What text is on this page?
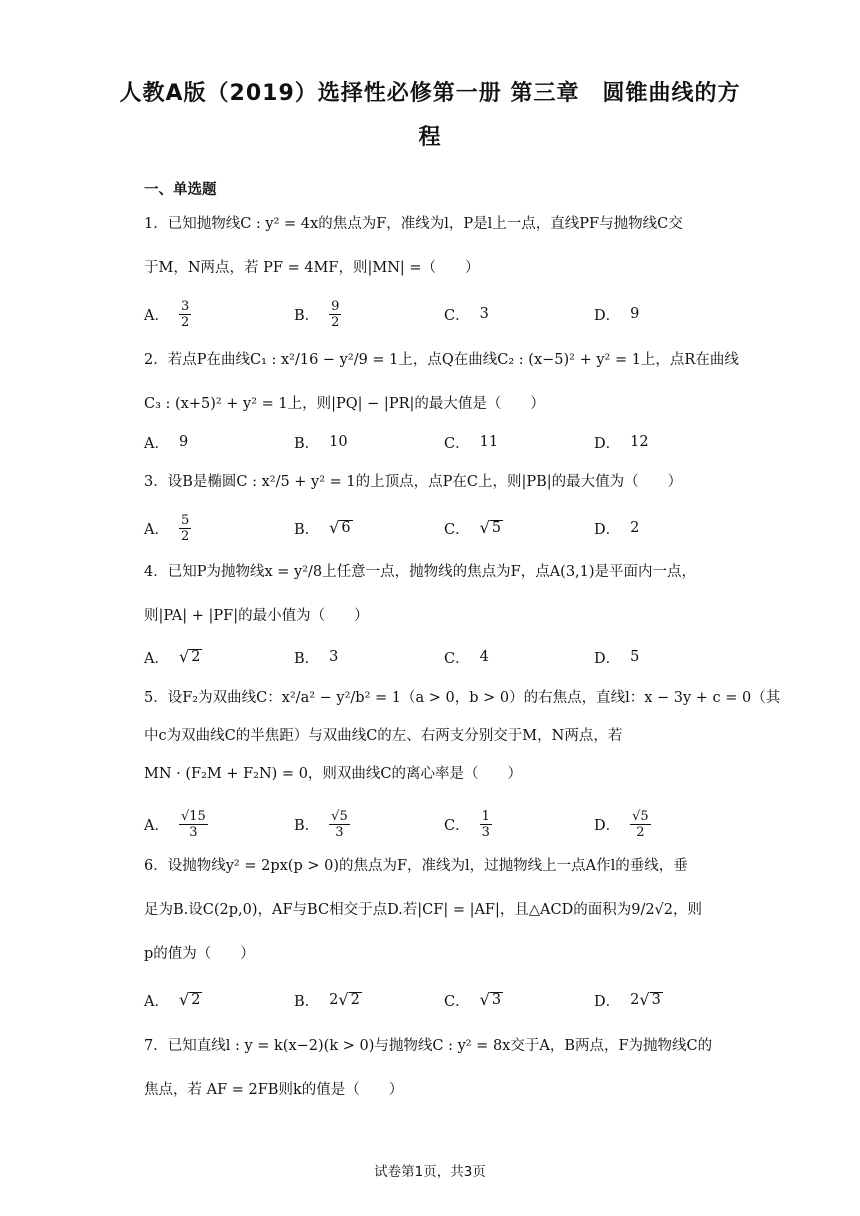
人教A版（2019）选择性必修第一册 第三章　圆锥曲线的方
程
一、单选题
1．已知抛物线C : y² = 4x的焦点为F，准线为l，P是l上一点，直线PF与抛物线C交
于M，N两点，若 PF = 4MF，则|MN| =（　　）
A． $\frac{3}{2}$	B． $\frac{9}{2}$	C． 3	D． 9
2．若点P在曲线C₁ : x²/16 − y²/9 = 1上，点Q在曲线C₂ : (x−5)² + y² = 1上，点R在曲线
C₃ : (x+5)² + y² = 1上，则|PQ| − |PR|的最大值是（　　）
A． 9	B． 10	C． 11	D． 12
3．设B是椭圆C : x²/5 + y² = 1的上顶点，点P在C上，则|PB|的最大值为（　　）
A． $\frac{5}{2}$	B． √ 6	C． √ 5	D． 2
4．已知P为抛物线x = y²/8上任意一点，抛物线的焦点为F，点A(3,1)是平面内一点，
则|PA| + |PF|的最小值为（　　）
A． √ 2	B． 3	C． 4	D． 5
5．设F₂为双曲线C：x²/a² − y²/b² = 1（a > 0，b > 0）的右焦点，直线l：x − 3y + c = 0（其
中c为双曲线C的半焦距）与双曲线C的左、右两支分别交于M，N两点，若
MN · (F₂M + F₂N) = 0，则双曲线C的离心率是（　　）
A． $\frac{√15}{3}$	B． $\frac{√5}{3}$	C． $\frac{1}{3}$	D． $\frac{√5}{2}$
6．设抛物线y² = 2px(p > 0)的焦点为F，准线为l，过抛物线上一点A作l的垂线，垂
足为B.设C(2p,0)，AF与BC相交于点D.若|CF| = |AF|，且△ACD的面积为9/2√2，则
p的值为（　　）
A． √ 2	B． 2 √ 2	C． √ 3	D． 2 √ 3
7．已知直线l : y = k(x−2)(k > 0)与抛物线C : y² = 8x交于A，B两点，F为抛物线C的
焦点，若 AF = 2FB则k的值是（　　）
试卷第1页，共3页
